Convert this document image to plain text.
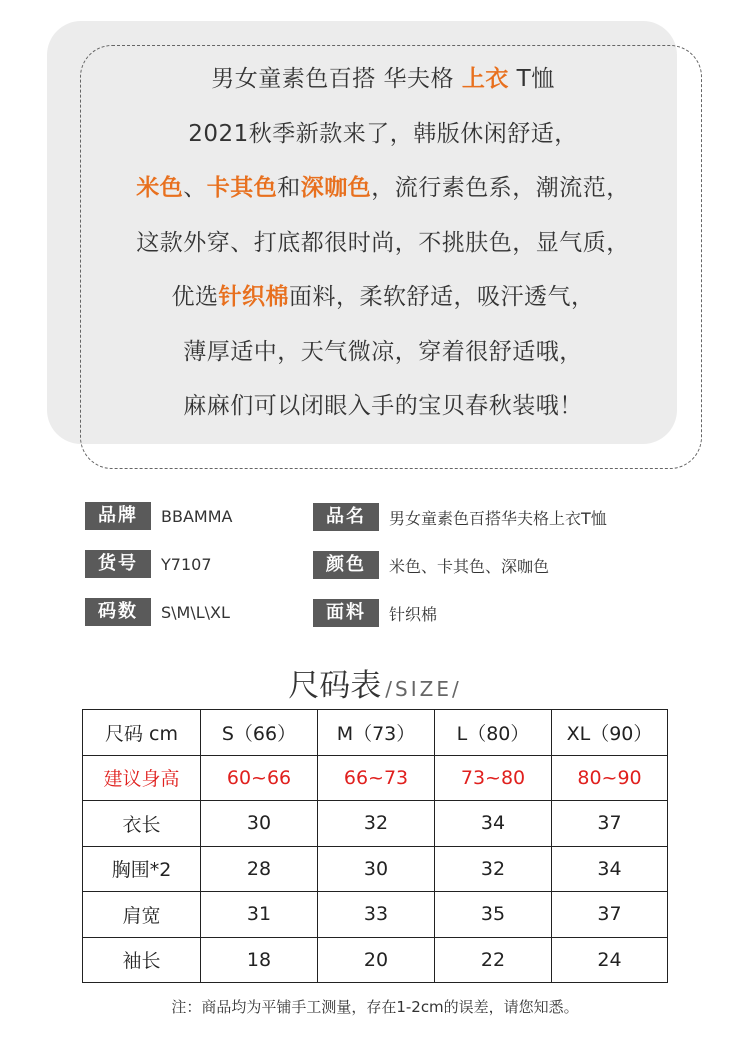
男女童素色百搭 华夫格 上衣 T恤
2021秋季新款来了，韩版休闲舒适，
米色、卡其色和深咖色，流行素色系，潮流范，
这款外穿、打底都很时尚，不挑肤色，显气质，
优选针织棉面料，柔软舒适，吸汗透气，
薄厚适中，天气微凉，穿着很舒适哦，
麻麻们可以闭眼入手的宝贝春秋装哦！
品牌	BBAMMA	品名	男女童素色百搭华夫格上衣T恤
货号	Y7107	颜色	米色、卡其色、深咖色
码数	S\M\L\XL	面料	针织棉
尺码表 /SIZE/
尺码 cm	S（66）	M（73）	L（80）	XL（90）
建议身高	60~66	66~73	73~80	80~90
衣长	30	32	34	37
胸围*2	28	30	32	34
肩宽	31	33	35	37
袖长	18	20	22	24
注：商品均为平铺手工测量，存在1-2cm的误差，请您知悉。
